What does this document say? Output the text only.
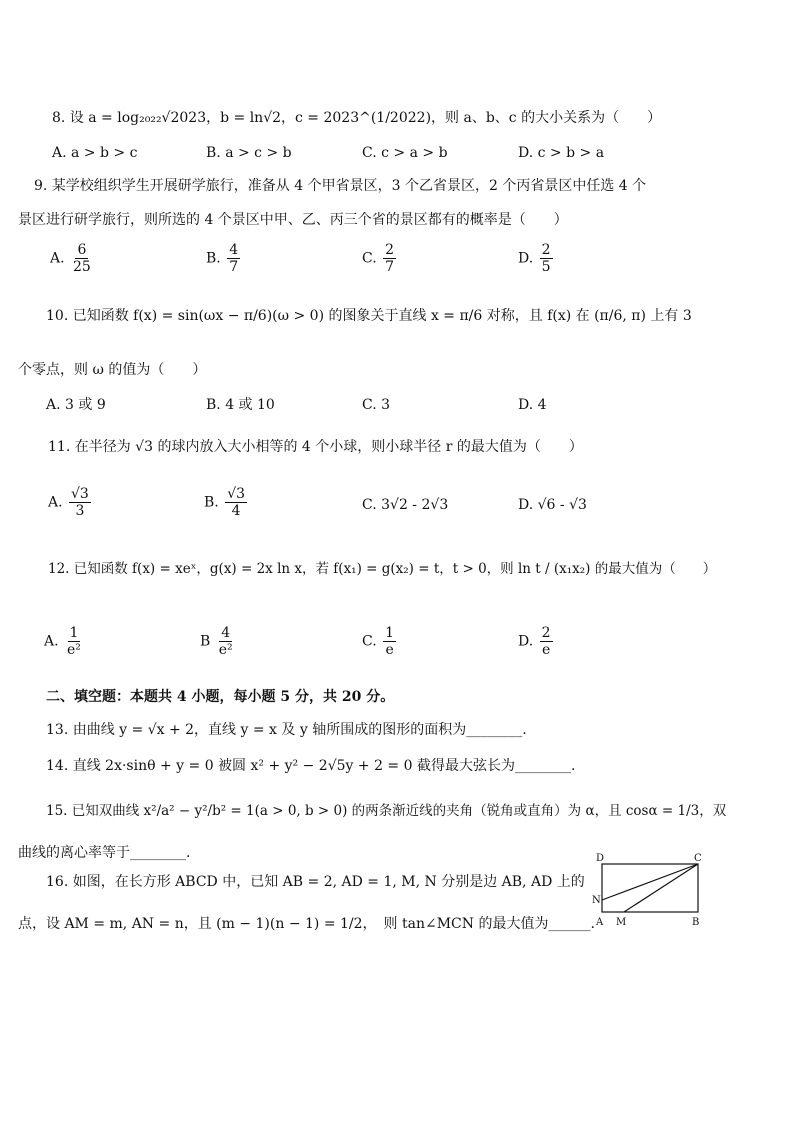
8. 设 a = log₂₀₂₂√2023，b = ln√2，c = 2023^(1/2022)，则 a、b、c 的大小关系为（　　）
A. a > b > c	B. a > c > b	C. c > a > b	D. c > b > a
9. 某学校组织学生开展研学旅行，准备从 4 个甲省景区，3 个乙省景区，2 个丙省景区中任选 4 个
景区进行研学旅行，则所选的 4 个景区中甲、乙、丙三个省的景区都有的概率是（　　）
A. $\frac{6}{25}$	B. $\frac{4}{7}$	C. $\frac{2}{7}$	D. $\frac{2}{5}$
10. 已知函数 f(x) = sin(ωx − π/6)(ω > 0) 的图象关于直线 x = π/6 对称，且 f(x) 在 (π/6, π) 上有 3
个零点，则 ω 的值为（　　）
A. 3 或 9	B. 4 或 10	C. 3	D. 4
11. 在半径为 √3 的球内放入大小相等的 4 个小球，则小球半径 r 的最大值为（　　）
A. $\frac{√3}{3}$	B. $\frac{√3}{4}$	C. 3√2 - 2√3	D. √6 - √3
12. 已知函数 f(x) = xeˣ，g(x) = 2x ln x，若 f(x₁) = g(x₂) = t，t > 0，则 ln t / (x₁x₂) 的最大值为（　　）
A. $\frac{1}{\text{e²}}$	B $\frac{4}{\text{e²}}$	C. $\frac{1}{e}$	D. $\frac{2}{e}$
二、填空题：本题共 4 小题，每小题 5 分，共 20 分。
13. 由曲线 y = √x + 2，直线 y = x 及 y 轴所围成的图形的面积为________.
14. 直线 2x·sinθ + y = 0 被圆 x² + y² − 2√5y + 2 = 0 截得最大弦长为________.
15. 已知双曲线 x²/a² − y²/b² = 1(a > 0, b > 0) 的两条渐近线的夹角（锐角或直角）为 α，且 cosα = 1/3，双
曲线的离心率等于________.
16. 如图，在长方形 ABCD 中，已知 AB = 2, AD = 1, M, N 分别是边 AB, AD 上的
点，设 AM = m, AN = n，且 (m − 1)(n − 1) = 1/2，　则 tan∠MCN 的最大值为______.
D	C
N
A M	B
